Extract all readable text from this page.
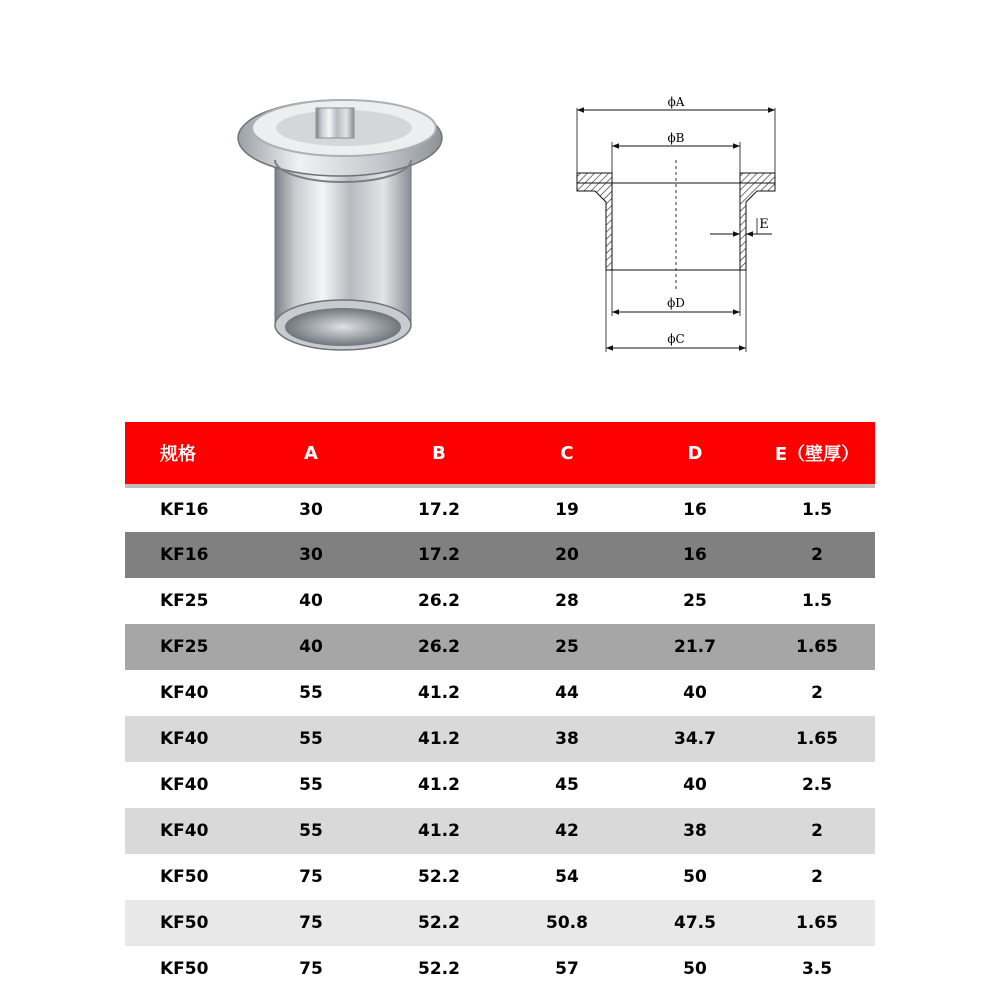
ϕA
ϕB
E
ϕD
ϕC
规格	A	B	C	D	E（壁厚）
KF16	30	17.2	19	16	1.5
KF16	30	17.2	20	16	2
KF25	40	26.2	28	25	1.5
KF25	40	26.2	25	21.7	1.65
KF40	55	41.2	44	40	2
KF40	55	41.2	38	34.7	1.65
KF40	55	41.2	45	40	2.5
KF40	55	41.2	42	38	2
KF50	75	52.2	54	50	2
KF50	75	52.2	50.8	47.5	1.65
KF50	75	52.2	57	50	3.5
